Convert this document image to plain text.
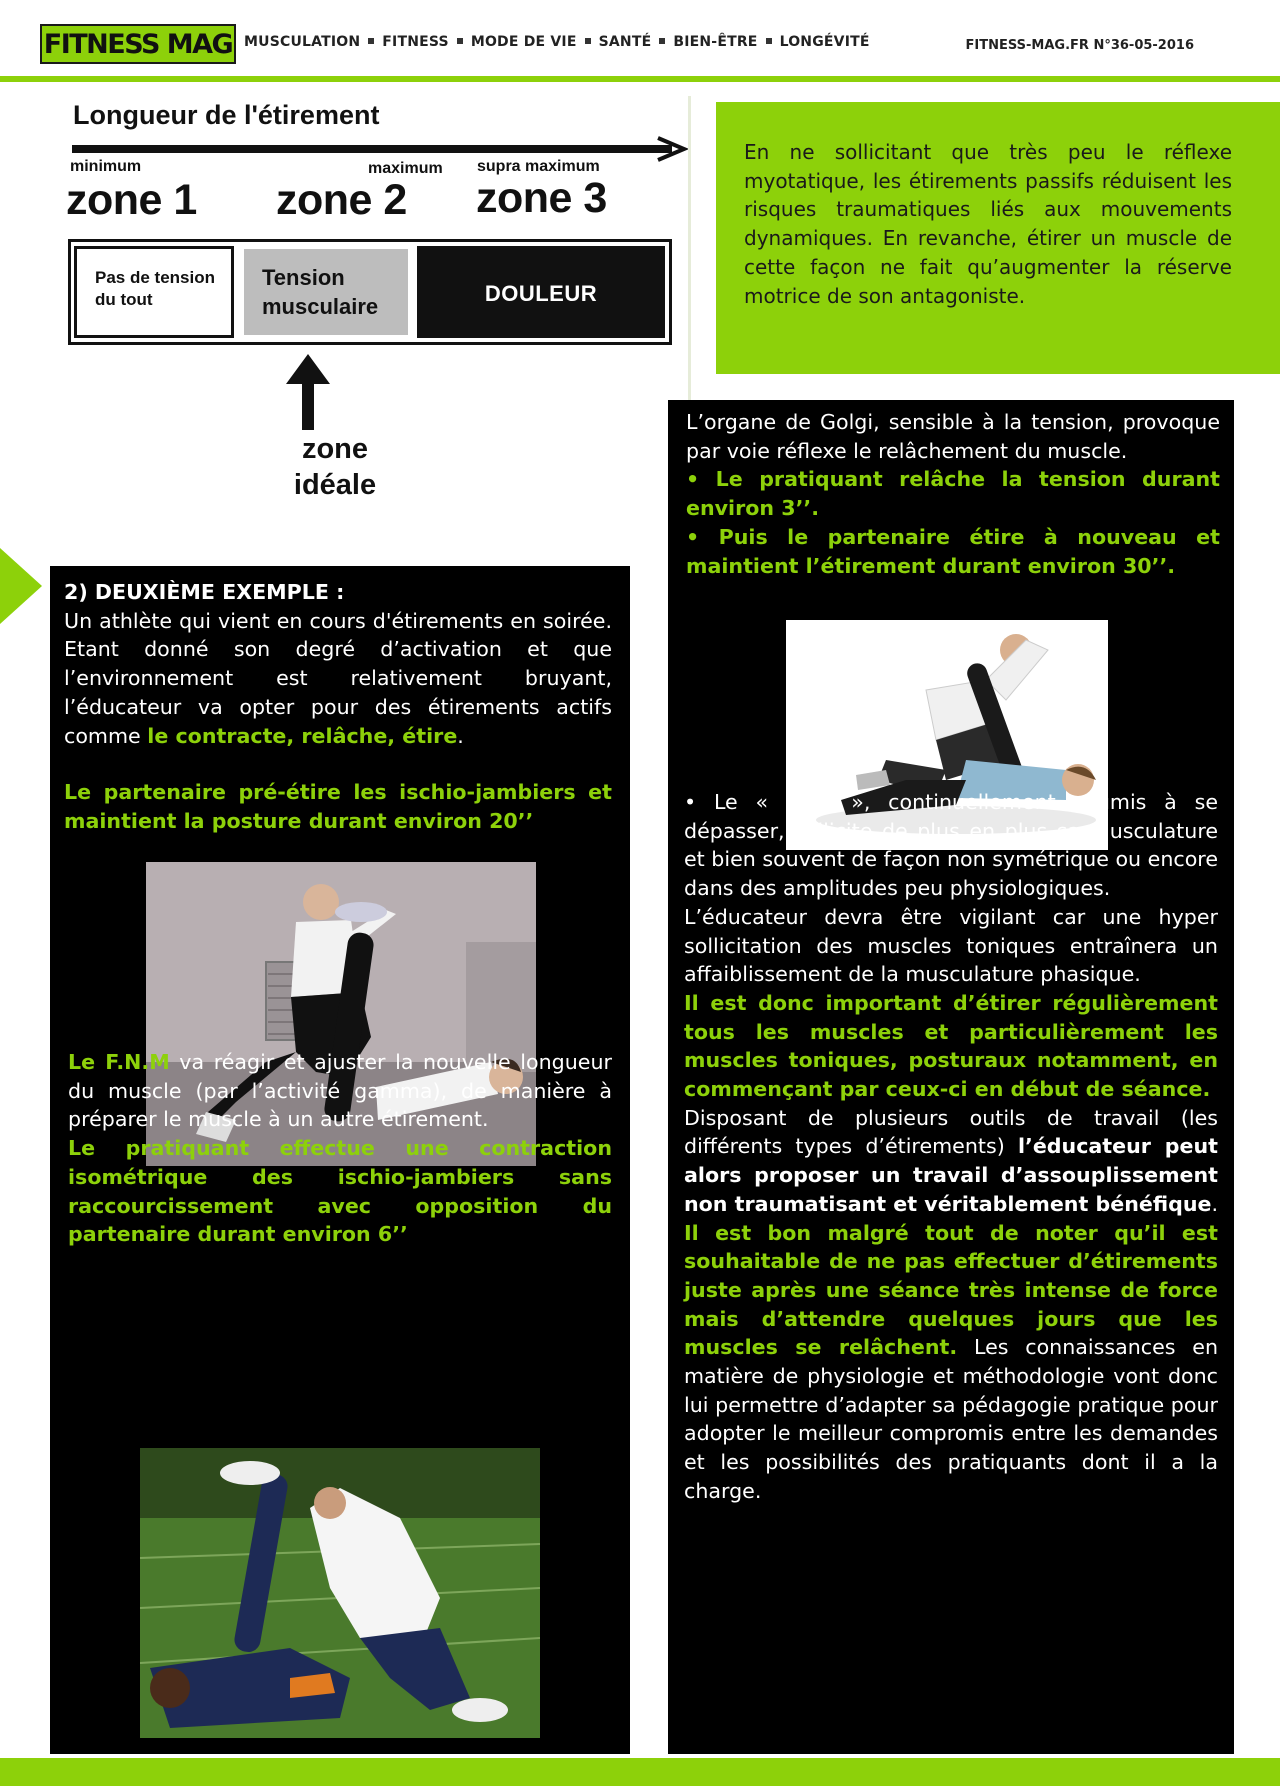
FITNESS MAG MUSCULATION FITNESS MODE DE VIE SANTÉ BIEN-ÊTRE LONGÉVITÉ	FITNESS-MAG.FR N°36-05-2016
Longueur de l'étirement
minimum	maximum supra maximum
zone 1 zone 2 zone 3
Pas de tension du tout
Tension musculaire
DOULEUR
zone
idéale
En ne sollicitant que très peu le réflexe myotatique, les étirements passifs réduisent les risques traumatiques liés aux mouvements dynamiques. En revanche, étirer un muscle de cette façon ne fait qu’augmenter la réserve motrice de son antagoniste.
2) DEUXIÈME EXEMPLE :
Un athlète qui vient en cours d'étirements en soirée. Etant donné son degré d’activation et que l’environnement est relativement bruyant, l’éducateur va opter pour des étirements actifs comme le contracte, relâche, étire.
Le partenaire pré-étire les ischio-jambiers et maintient la posture durant environ 20’’
Le F.N.M va réagir et ajuster la nouvelle longueur du muscle (par l’activité gamma), de manière à préparer le muscle à un autre étirement.
Le pratiquant effectue une contraction isométrique des ischio-jambiers sans raccourcissement avec opposition du partenaire durant environ 6’’
L’organe de Golgi, sensible à la tension, provoque par voie réflexe le relâchement du muscle.
• Le pratiquant relâche la tension durant environ 3’’.
• Puis le partenaire étire à nouveau et maintient l’étirement durant environ 30’’.
• Le « lifter », continuellement soumis à se dépasser, sollicite de plus en plus sa musculature et bien souvent de façon non symétrique ou encore dans des amplitudes peu physiologiques.
L’éducateur devra être vigilant car une hyper sollicitation des muscles toniques entraînera un affaiblissement de la musculature phasique.
Il est donc important d’étirer régulièrement tous les muscles et particulièrement les muscles toniques, posturaux notamment, en commençant par ceux-ci en début de séance.
Disposant de plusieurs outils de travail (les différents types d’étirements) l’éducateur peut alors proposer un travail d’assouplissement non traumatisant et véritablement bénéfique.
Il est bon malgré tout de noter qu’il est souhaitable de ne pas effectuer d’étirements juste après une séance très intense de force mais d’attendre quelques jours que les muscles se relâchent. Les connaissances en matière de physiologie et méthodologie vont donc lui permettre d’adapter sa pédagogie pratique pour adopter le meilleur compromis entre les demandes et les possibilités des pratiquants dont il a la charge.
